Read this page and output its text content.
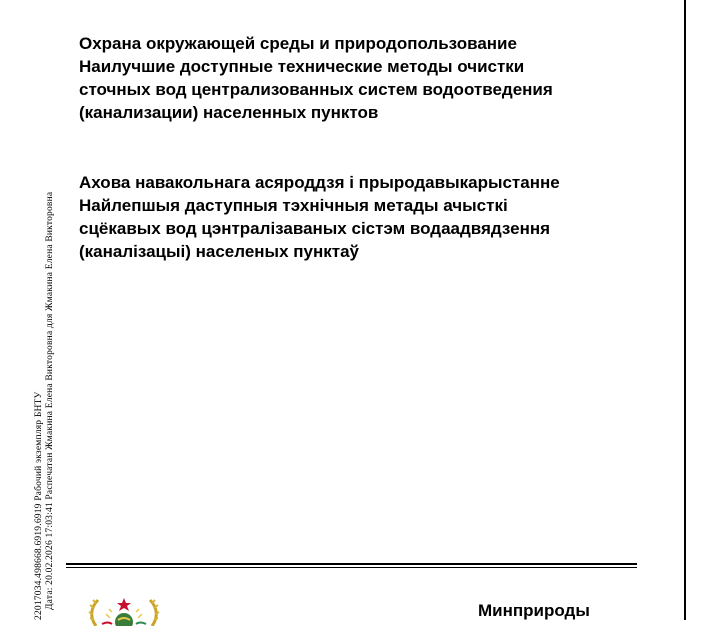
22017034.498668.6919.6919 Рабочий экземпляр БНТУ Дата: 20.02.2026 17:03:41 Распечатан Жмакина Елена Викторовна для Жмакина Елена Викторовна
Охрана окружающей среды и природопользование
Наилучшие доступные технические методы очистки
сточных вод централизованных систем водоотведения
(канализации) населенных пунктов
Ахова навакольнага асяроддзя і прыродавыкарыстанне
Найлепшыя даступныя тэхнічныя метады ачысткі
сцёкавых вод цэнтралізаваных сістэм водаадвядзення
(каналізацыі) населеных пунктаў
Минприроды
